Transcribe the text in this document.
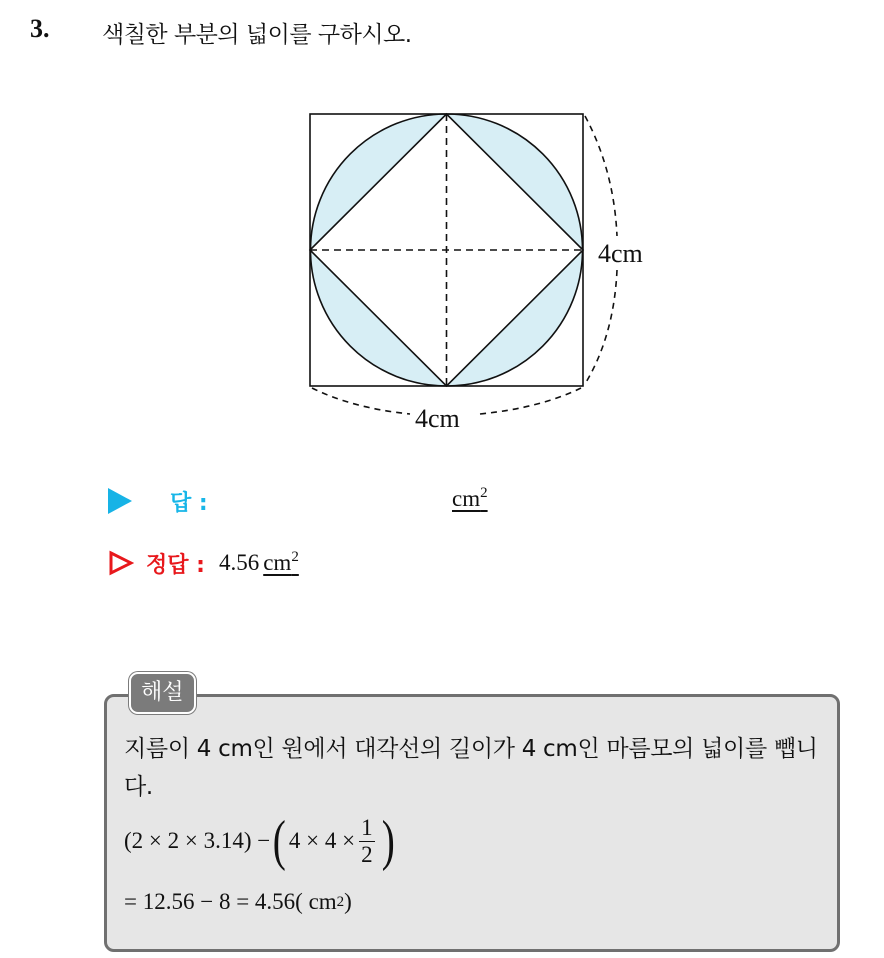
3. 색칠한 부분의 넓이를 구하시오.
4cm
4cm
답 :	$cm^2$
정답 : 4.56 $cm^2$
해설
지름이 4 cm인 원에서 대각선의 길이가 4 cm인 마름모의 넓이를 뺍니다.
(2 × 2 × 3.14) − ( $4 \times 4 \times \frac{1}{2}$ )
= 12.56 − 8 = 4.56( cm 2 )
